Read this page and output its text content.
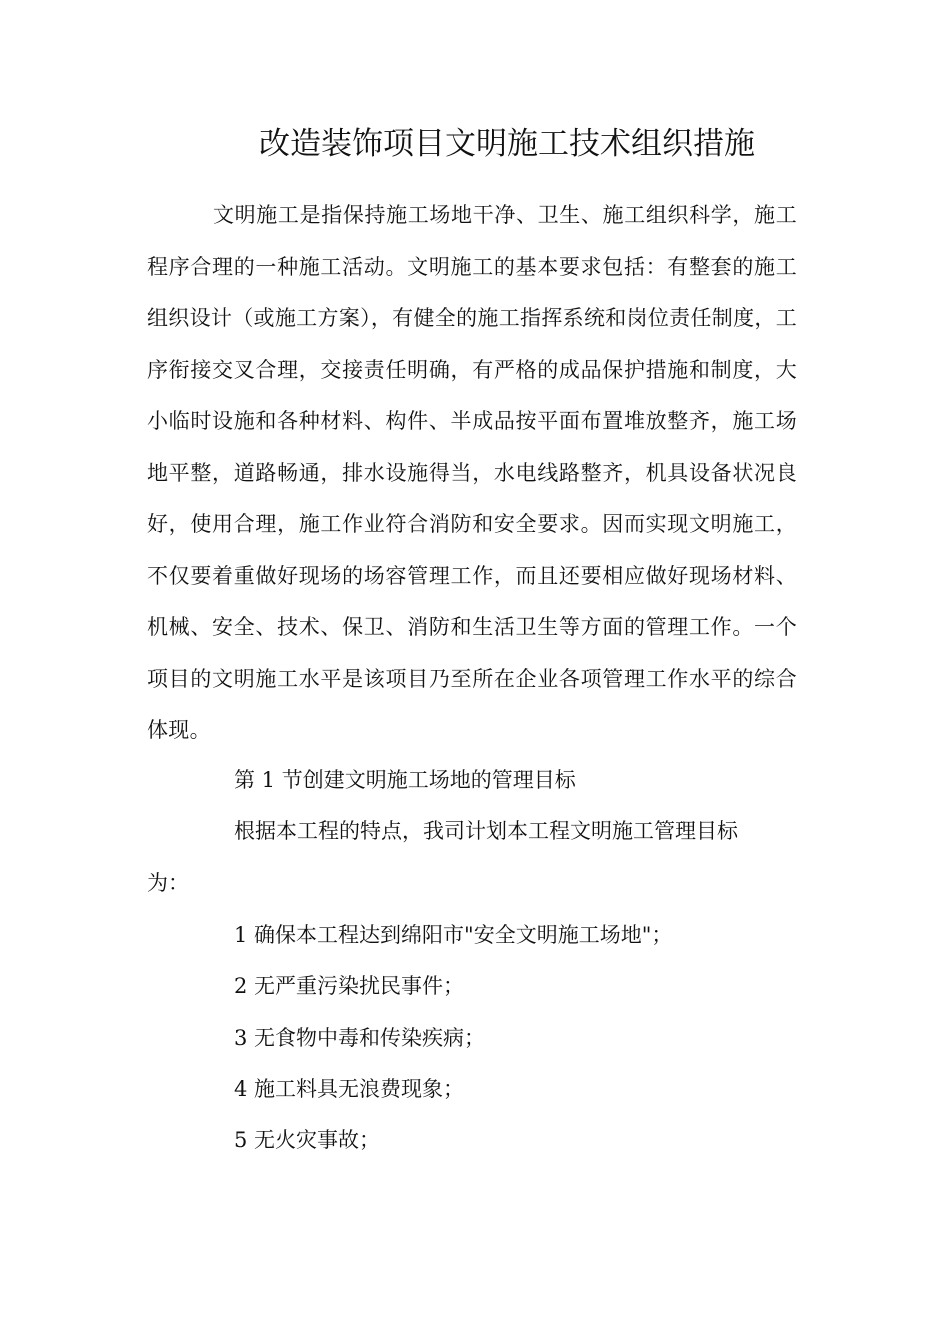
改造装饰项目文明施工技术组织措施

文明施工是指保持施工场地干净、卫生、施工组织科学，施工程序合理的一种施工活动。文明施工的基本要求包括：有整套的施工组织设计（或施工方案），有健全的施工指挥系统和岗位责任制度，工序衔接交叉合理，交接责任明确，有严格的成品保护措施和制度，大小临时设施和各种材料、构件、半成品按平面布置堆放整齐，施工场地平整，道路畅通，排水设施得当，水电线路整齐，机具设备状况良好，使用合理，施工作业符合消防和安全要求。因而实现文明施工，不仅要着重做好现场的场容管理工作，而且还要相应做好现场材料、机械、安全、技术、保卫、消防和生活卫生等方面的管理工作。一个项目的文明施工水平是该项目乃至所在企业各项管理工作水平的综合体现。

第 1 节创建文明施工场地的管理目标

根据本工程的特点，我司计划本工程文明施工管理目标

为：

1 确保本工程达到绵阳市"安全文明施工场地"；

2 无严重污染扰民事件；

3 无食物中毒和传染疾病；

4 施工料具无浪费现象；

5 无火灾事故；
